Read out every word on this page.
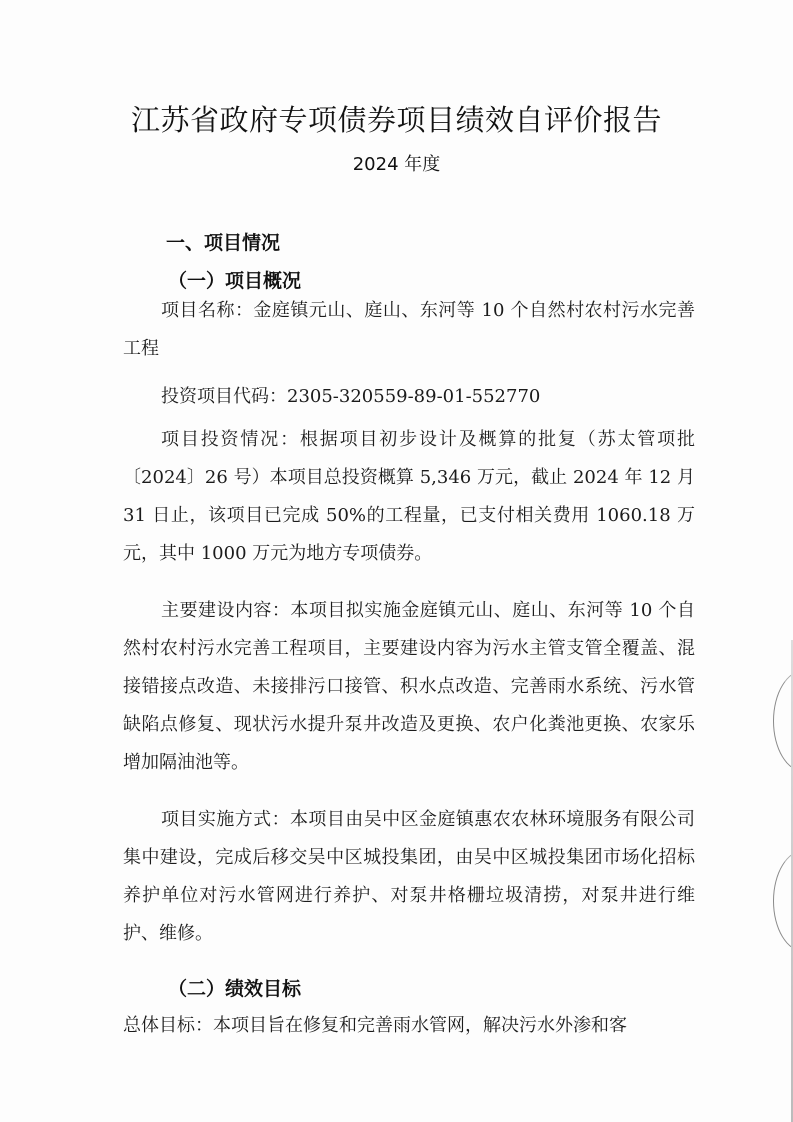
江苏省政府专项债券项目绩效自评价报告
2024 年度
一、项目情况
（一）项目概况
项目名称：金庭镇元山、庭山、东河等 10 个自然村农村污水完善工程
投资项目代码：2305-320559-89-01-552770
项目投资情况：根据项目初步设计及概算的批复（苏太管项批〔2024〕26 号）本项目总投资概算 5,346 万元，截止 2024 年 12 月 31 日止，该项目已完成 50%的工程量，已支付相关费用 1060.18 万元，其中 1000 万元为地方专项债券。
主要建设内容：本项目拟实施金庭镇元山、庭山、东河等 10 个自然村农村污水完善工程项目，主要建设内容为污水主管支管全覆盖、混接错接点改造、未接排污口接管、积水点改造、完善雨水系统、污水管缺陷点修复、现状污水提升泵井改造及更换、农户化粪池更换、农家乐增加隔油池等。
项目实施方式：本项目由吴中区金庭镇惠农农林环境服务有限公司集中建设，完成后移交吴中区城投集团，由吴中区城投集团市场化招标养护单位对污水管网进行养护、对泵井格栅垃圾清捞，对泵井进行维护、维修。
（二）绩效目标
总体目标：本项目旨在修复和完善雨水管网，解决污水外渗和客
